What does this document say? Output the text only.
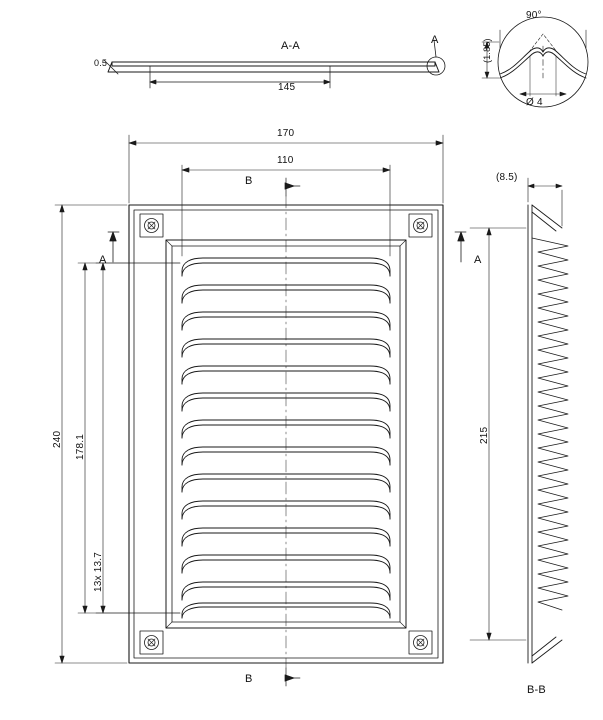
A-A
0.5
145
A
90°
(1.85)
Ø 4
170
110
240 178.1
13x 13.7
A	A
B
B
(8.5)
215
B-B
